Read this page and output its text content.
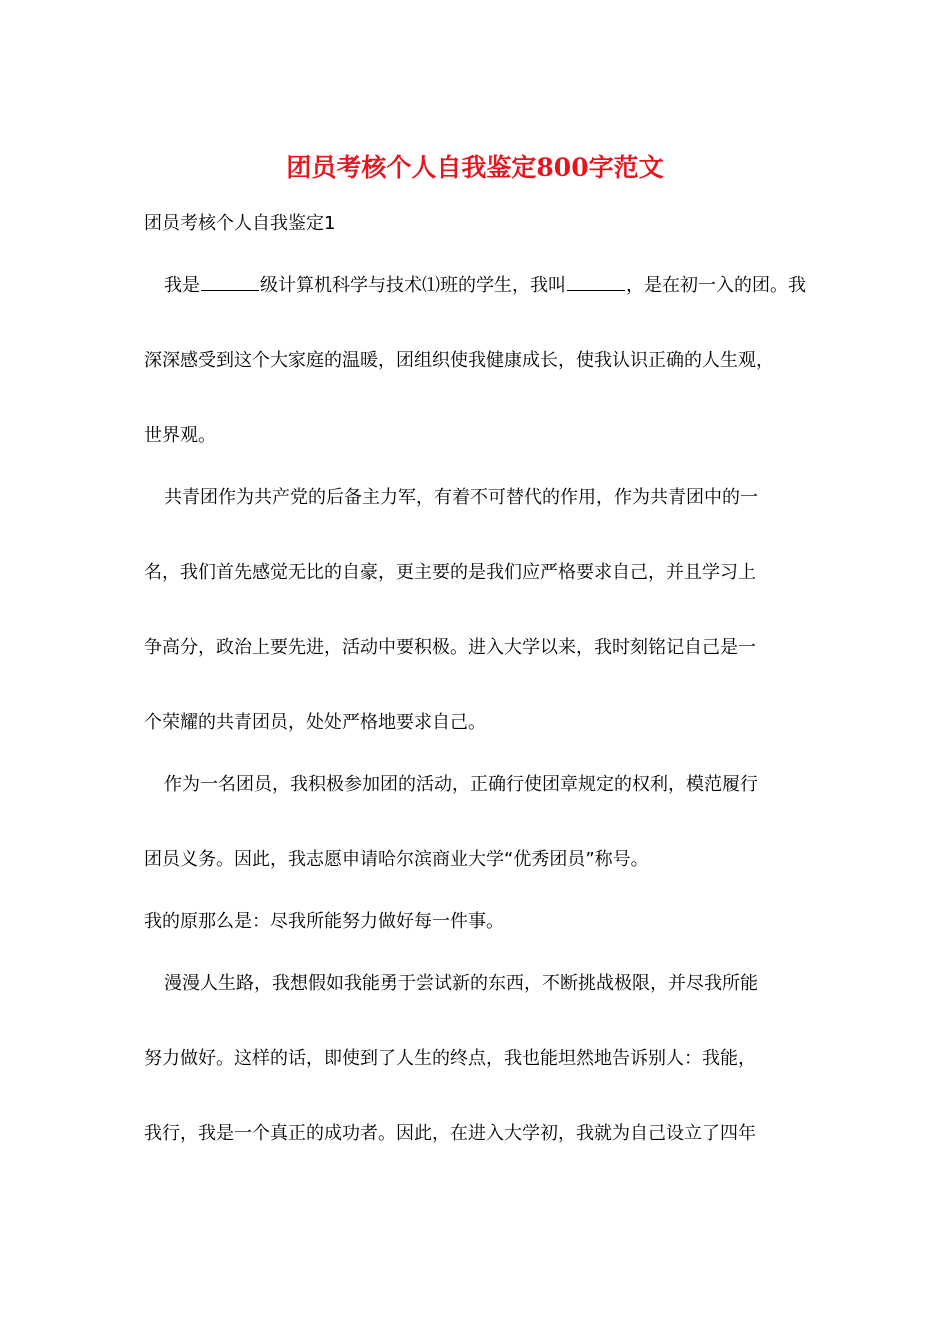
团员考核个人自我鉴定800字范文
团员考核个人自我鉴定1
我是	级计算机科学与技术⑴班的学生，我叫	，是在初一入的团。我
深深感受到这个大家庭的温暖，团组织使我健康成长，使我认识正确的人生观，
世界观。
共青团作为共产党的后备主力军，有着不可替代的作用，作为共青团中的一
名，我们首先感觉无比的自豪，更主要的是我们应严格要求自己，并且学习上
争高分，政治上要先进，活动中要积极。进入大学以来，我时刻铭记自己是一
个荣耀的共青团员，处处严格地要求自己。
作为一名团员，我积极参加团的活动，正确行使团章规定的权利，模范履行
团员义务。因此，我志愿申请哈尔滨商业大学“优秀团员”称号。
我的原那么是：尽我所能努力做好每一件事。
漫漫人生路，我想假如我能勇于尝试新的东西，不断挑战极限，并尽我所能
努力做好。这样的话，即使到了人生的终点，我也能坦然地告诉别人：我能，
我行，我是一个真正的成功者。因此，在进入大学初，我就为自己设立了四年
